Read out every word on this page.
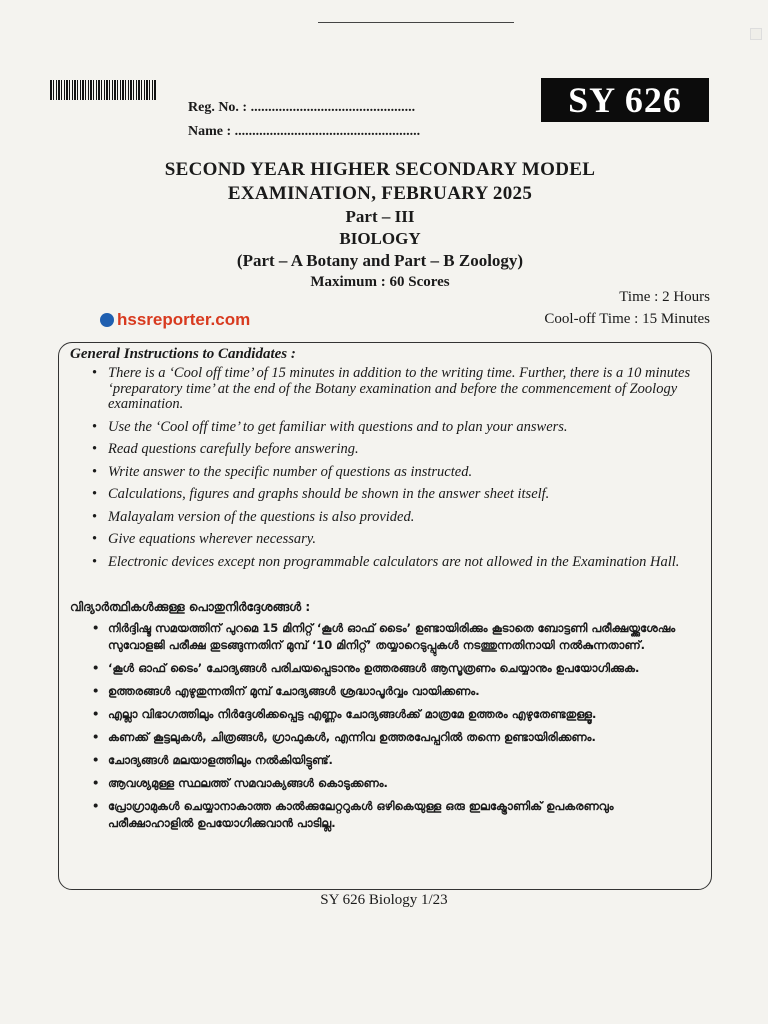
SY 626
Reg. No. : ...............................................
Name : .....................................................
SECOND YEAR HIGHER SECONDARY MODEL
EXAMINATION, FEBRUARY 2025
Part – III
BIOLOGY
(Part – A Botany and Part – B Zoology)
Maximum : 60 Scores
hssreporter.com
Time : 2 Hours
Cool-off Time : 15 Minutes
General Instructions to Candidates :
• There is a ‘Cool off time’ of 15 minutes in addition to the writing time. Further, there is a 10 minutes ‘preparatory time’ at the end of the Botany examination and before the commencement of Zoology examination.
• Use the ‘Cool off time’ to get familiar with questions and to plan your answers.
• Read questions carefully before answering.
• Write answer to the specific number of questions as instructed.
• Calculations, figures and graphs should be shown in the answer sheet itself.
• Malayalam version of the questions is also provided.
• Give equations wherever necessary.
• Electronic devices except non programmable calculators are not allowed in the Examination Hall.
വിദ്യാർത്ഥികൾക്കുള്ള പൊതുനിർദ്ദേശങ്ങൾ :
• നിർദ്ദിഷ്ട സമയത്തിന് പുറമെ 15 മിനിറ്റ് ‘കൂൾ ഓഫ് ടൈം’ ഉണ്ടായിരിക്കും കൂടാതെ ബോട്ടണി പരീക്ഷയ്ക്കുശേഷം സുവോളജി പരീക്ഷ തുടങ്ങുന്നതിന് മുമ്പ് ‘10 മിനിറ്റ്’ തയ്യാറെടുപ്പുകൾ നടത്തുന്നതിനായി നൽകുന്നതാണ്.
• ‘കൂൾ ഓഫ് ടൈം’ ചോദ്യങ്ങൾ പരിചയപ്പെടാനും ഉത്തരങ്ങൾ ആസൂത്രണം ചെയ്യാനും ഉപയോഗിക്കുക.
• ഉത്തരങ്ങൾ എഴുതുന്നതിന് മുമ്പ് ചോദ്യങ്ങൾ ശ്രദ്ധാപൂർവ്വം വായിക്കണം.
• എല്ലാ വിഭാഗത്തിലും നിർദ്ദേശിക്കപ്പെട്ട എണ്ണം ചോദ്യങ്ങൾക്ക് മാത്രമേ ഉത്തരം എഴുതേണ്ടതുള്ളൂ.
• കണക്ക് കൂട്ടലുകൾ, ചിത്രങ്ങൾ, ഗ്രാഫുകൾ, എന്നിവ ഉത്തരപേപ്പറിൽ തന്നെ ഉണ്ടായിരിക്കണം.
• ചോദ്യങ്ങൾ മലയാളത്തിലും നൽകിയിട്ടുണ്ട്.
• ആവശ്യമുള്ള സ്ഥലത്ത് സമവാക്യങ്ങൾ കൊടുക്കണം.
• പ്രോഗ്രാമുകൾ ചെയ്യാനാകാത്ത കാൽക്കുലേറ്ററുകൾ ഒഴികെയുള്ള ഒരു ഇലക്ട്രോണിക് ഉപകരണവും പരീക്ഷാഹാളിൽ ഉപയോഗിക്കുവാൻ പാടില്ല.
SY 626 Biology 1/23
